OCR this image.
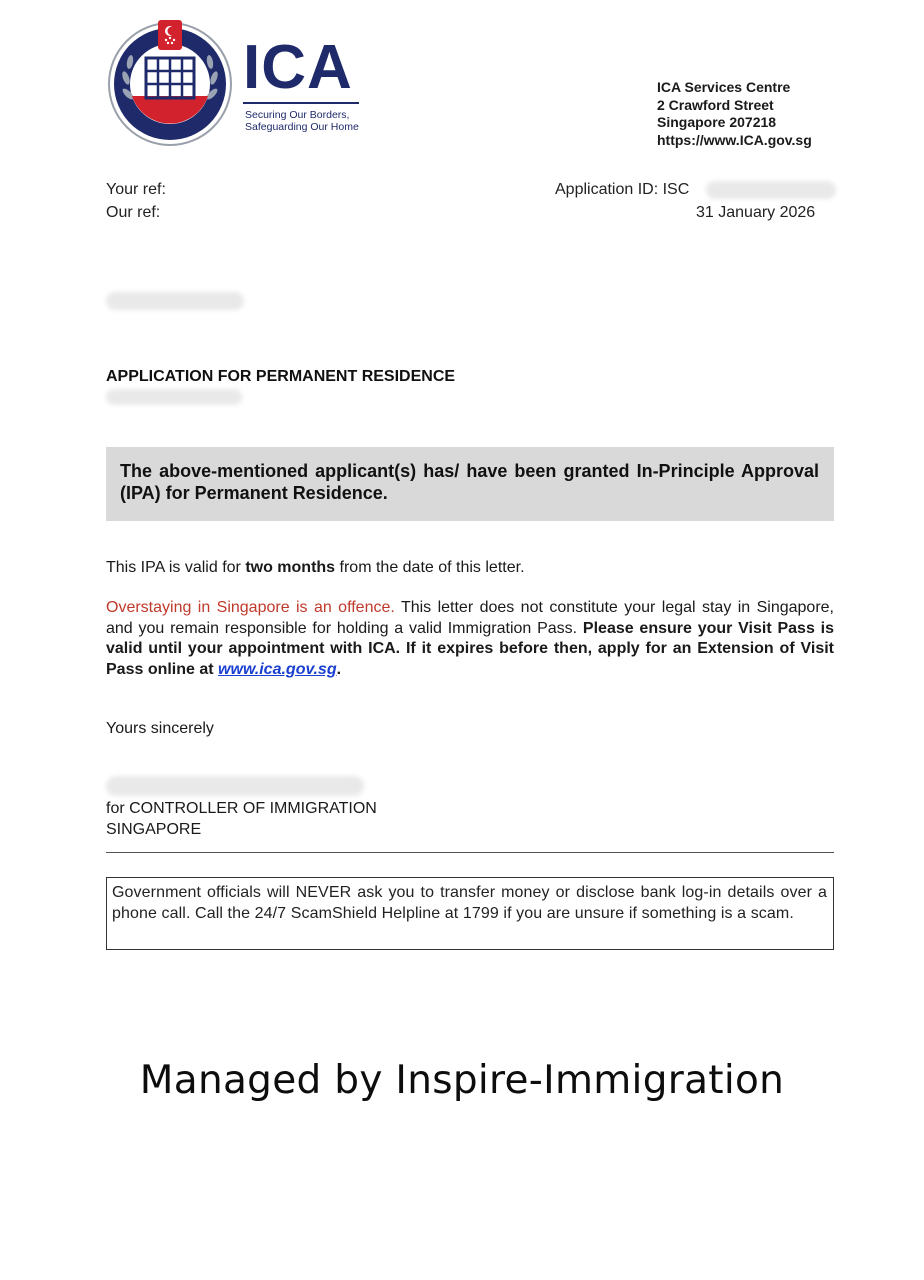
ICA
Securing Our Borders,
Safeguarding Our Home
ICA Services Centre
2 Crawford Street
Singapore 207218
https://www.ICA.gov.sg
Your ref:
Our ref:
Application ID: ISC
31 January 2026
APPLICATION FOR PERMANENT RESIDENCE
The above-mentioned applicant(s) has/ have been granted In-Principle Approval (IPA) for Permanent Residence.
This IPA is valid for two months from the date of this letter.
Overstaying in Singapore is an offence. This letter does not constitute your legal stay in Singapore, and you remain responsible for holding a valid Immigration Pass. Please ensure your Visit Pass is valid until your appointment with ICA. If it expires before then, apply for an Extension of Visit Pass online at www.ica.gov.sg.
Yours sincerely
for CONTROLLER OF IMMIGRATION
SINGAPORE
Government officials will NEVER ask you to transfer money or disclose bank log-in details over a phone call. Call the 24/7 ScamShield Helpline at 1799 if you are unsure if something is a scam.
Managed by Inspire-Immigration
